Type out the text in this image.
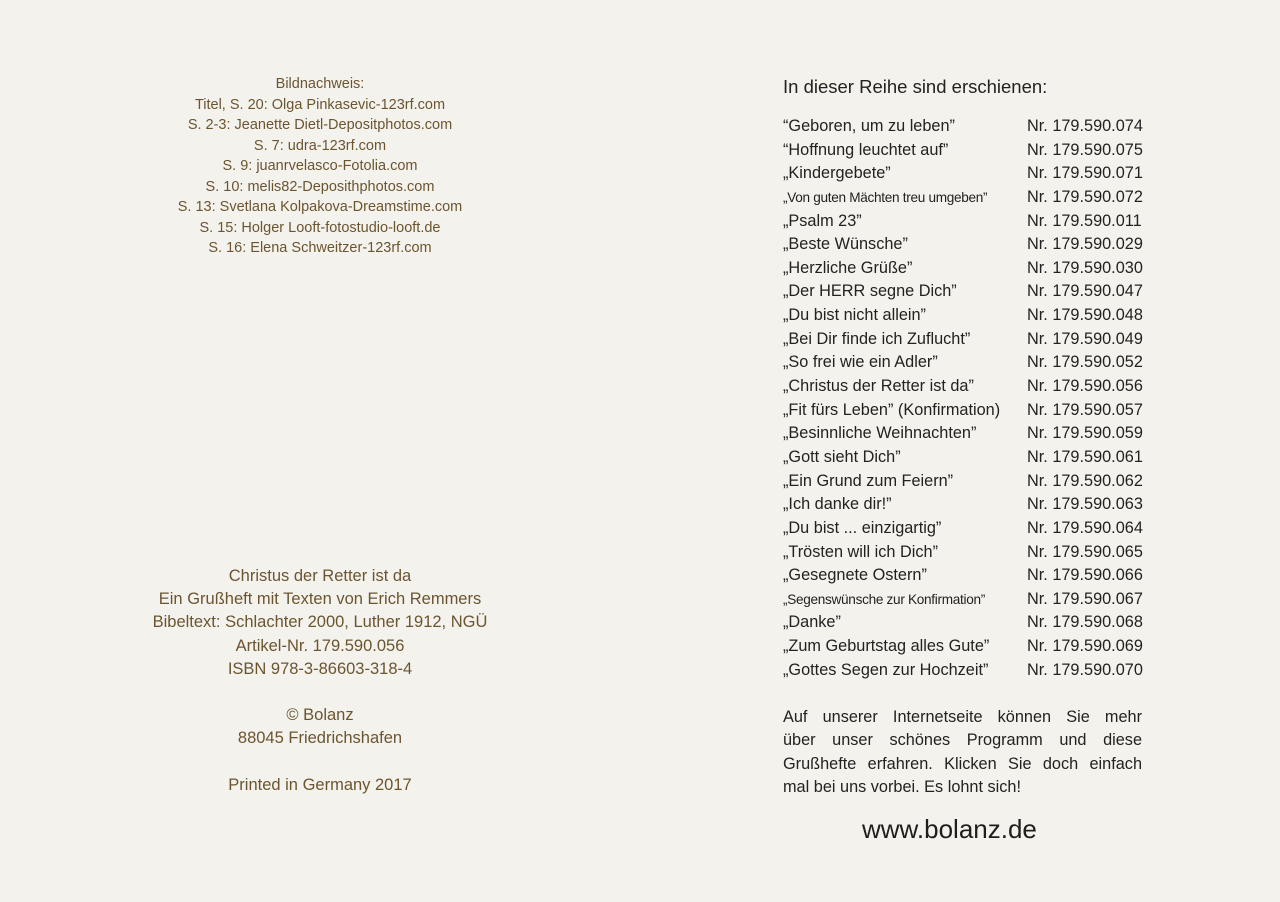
Bildnachweis:
Titel, S. 20: Olga Pinkasevic-123rf.com
S. 2-3: Jeanette Dietl-Depositphotos.com
S. 7: udra-123rf.com
S. 9: juanrvelasco-Fotolia.com
S. 10: melis82-Deposithphotos.com
S. 13: Svetlana Kolpakova-Dreamstime.com
S. 15: Holger Looft-fotostudio-looft.de
S. 16: Elena Schweitzer-123rf.com
Christus der Retter ist da
Ein Grußheft mit Texten von Erich Remmers
Bibeltext: Schlachter 2000, Luther 1912, NGÜ
Artikel-Nr. 179.590.056
ISBN 978-3-86603-318-4
© Bolanz
88045 Friedrichshafen
Printed in Germany 2017
In dieser Reihe sind erschienen:
“Geboren, um zu leben”	Nr. 179.590.074
“Hoffnung leuchtet auf”	Nr. 179.590.075
„Kindergebete”	Nr. 179.590.071
„Von guten Mächten treu umgeben” Nr. 179.590.072
„Psalm 23”	Nr. 179.590.011
„Beste Wünsche”	Nr. 179.590.029
„Herzliche Grüße”	Nr. 179.590.030
„Der HERR segne Dich”	Nr. 179.590.047
„Du bist nicht allein”	Nr. 179.590.048
„Bei Dir finde ich Zuflucht”	Nr. 179.590.049
„So frei wie ein Adler”	Nr. 179.590.052
„Christus der Retter ist da”	Nr. 179.590.056
„Fit fürs Leben” (Konfirmation) Nr. 179.590.057
„Besinnliche Weihnachten”	Nr. 179.590.059
„Gott sieht Dich”	Nr. 179.590.061
„Ein Grund zum Feiern”	Nr. 179.590.062
„Ich danke dir!”	Nr. 179.590.063
„Du bist ... einzigartig”	Nr. 179.590.064
„Trösten will ich Dich”	Nr. 179.590.065
„Gesegnete Ostern”	Nr. 179.590.066
„Segenswünsche zur Konfirmation”	Nr. 179.590.067
„Danke”	Nr. 179.590.068
„Zum Geburtstag alles Gute” Nr. 179.590.069
„Gottes Segen zur Hochzeit” Nr. 179.590.070
Auf unserer Internetseite können Sie mehr
über unser schönes Programm und diese
Grußhefte erfahren. Klicken Sie doch einfach
mal bei uns vorbei. Es lohnt sich!
www.bolanz.de
